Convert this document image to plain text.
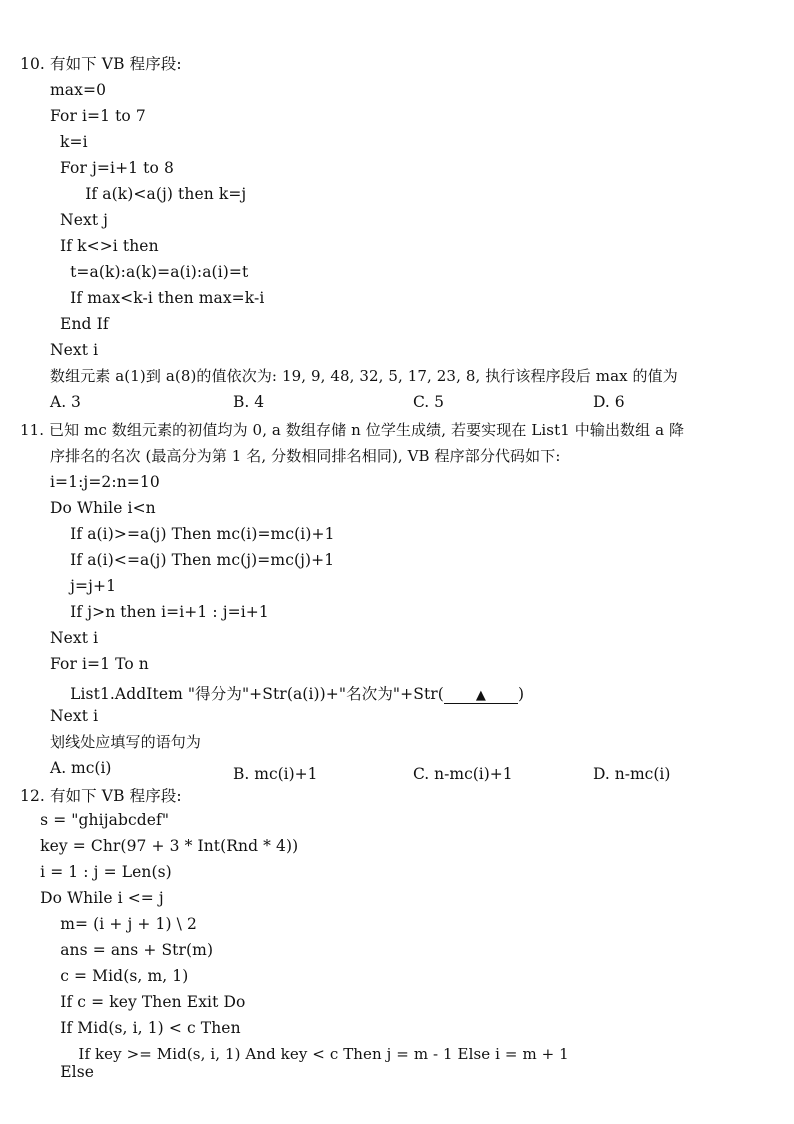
10. 有如下 VB 程序段:
max=0
For i=1 to 7
k=i
For j=i+1 to 8
If a(k)<a(j) then k=j
Next j
If k<>i then
t=a(k):a(k)=a(i):a(i)=t
If max<k-i then max=k-i
End If
Next i
数组元素 a(1)到 a(8)的值依次为: 19, 9, 48, 32, 5, 17, 23, 8, 执行该程序段后 max 的值为
A. 3	B. 4	C. 5	D. 6
11. 已知 mc 数组元素的初值均为 0, a 数组存储 n 位学生成绩, 若要实现在 List1 中输出数组 a 降
序排名的名次 (最高分为第 1 名, 分数相同排名相同), VB 程序部分代码如下:
i=1:j=2:n=10
Do While i<n
If a(i)>=a(j) Then mc(i)=mc(i)+1
If a(i)<=a(j) Then mc(j)=mc(j)+1
j=j+1
If j>n then i=i+1 : j=i+1
Next i
For i=1 To n
List1.AddItem "得分为"+Str(a(i))+"名次为"+Str( ▲ )
Next i
划线处应填写的语句为
A. mc(i)	B. mc(i)+1	C. n-mc(i)+1	D. n-mc(i)
12. 有如下 VB 程序段:
s = "ghijabcdef"
key = Chr(97 + 3 * Int(Rnd * 4))
i = 1 : j = Len(s)
Do While i <= j
m= (i + j + 1) \ 2
ans = ans + Str(m)
c = Mid(s, m, 1)
If c = key Then Exit Do
If Mid(s, i, 1) < c Then
If key >= Mid(s, i, 1) And key < c Then j = m - 1 Else i = m + 1
Else
